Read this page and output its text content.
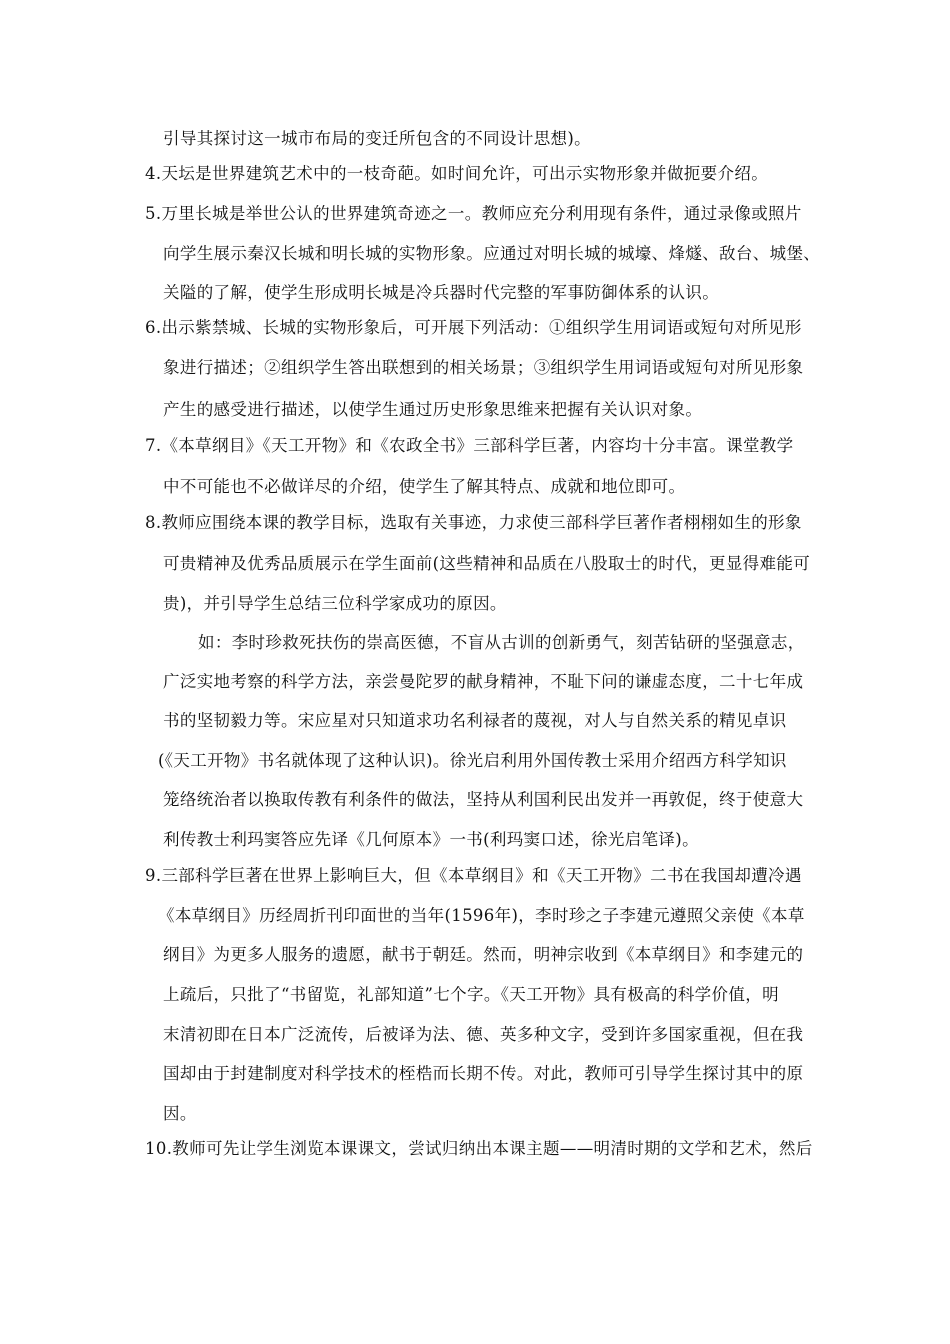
引导其探讨这一城市布局的变迁所包含的不同设计思想)。
4.天坛是世界建筑艺术中的一枝奇葩。如时间允许，可出示实物形象并做扼要介绍。
5.万里长城是举世公认的世界建筑奇迹之一。教师应充分利用现有条件，通过录像或照片
向学生展示秦汉长城和明长城的实物形象。应通过对明长城的城壕、烽燧、敌台、城堡、
关隘的了解，使学生形成明长城是冷兵器时代完整的军事防御体系的认识。
6.出示紫禁城、长城的实物形象后，可开展下列活动：①组织学生用词语或短句对所见形
象进行描述；②组织学生答出联想到的相关场景；③组织学生用词语或短句对所见形象
产生的感受进行描述，以使学生通过历史形象思维来把握有关认识对象。
7.《本草纲目》《天工开物》和《农政全书》三部科学巨著，内容均十分丰富。课堂教学
中不可能也不必做详尽的介绍，使学生了解其特点、成就和地位即可。
8.教师应围绕本课的教学目标，选取有关事迹，力求使三部科学巨著作者栩栩如生的形象
可贵精神及优秀品质展示在学生面前(这些精神和品质在八股取士的时代，更显得难能可
贵)，并引导学生总结三位科学家成功的原因。
如：李时珍救死扶伤的崇高医德，不盲从古训的创新勇气，刻苦钻研的坚强意志，
广泛实地考察的科学方法，亲尝曼陀罗的献身精神，不耻下问的谦虚态度，二十七年成
书的坚韧毅力等。宋应星对只知道求功名利禄者的蔑视，对人与自然关系的精见卓识
(《天工开物》书名就体现了这种认识)。徐光启利用外国传教士采用介绍西方科学知识
笼络统治者以换取传教有利条件的做法，坚持从利国利民出发并一再敦促，终于使意大
利传教士利玛窦答应先译《几何原本》一书(利玛窦口述，徐光启笔译)。
9.三部科学巨著在世界上影响巨大，但《本草纲目》和《天工开物》二书在我国却遭冷遇
《本草纲目》历经周折刊印面世的当年(1596年)，李时珍之子李建元遵照父亲使《本草
纲目》为更多人服务的遗愿，献书于朝廷。然而，明神宗收到《本草纲目》和李建元的
上疏后，只批了“书留览，礼部知道”七个字。《天工开物》具有极高的科学价值，明
末清初即在日本广泛流传，后被译为法、德、英多种文字，受到许多国家重视，但在我
国却由于封建制度对科学技术的桎梏而长期不传。对此，教师可引导学生探讨其中的原
因。
10.教师可先让学生浏览本课课文，尝试归纳出本课主题——明清时期的文学和艺术，然后
